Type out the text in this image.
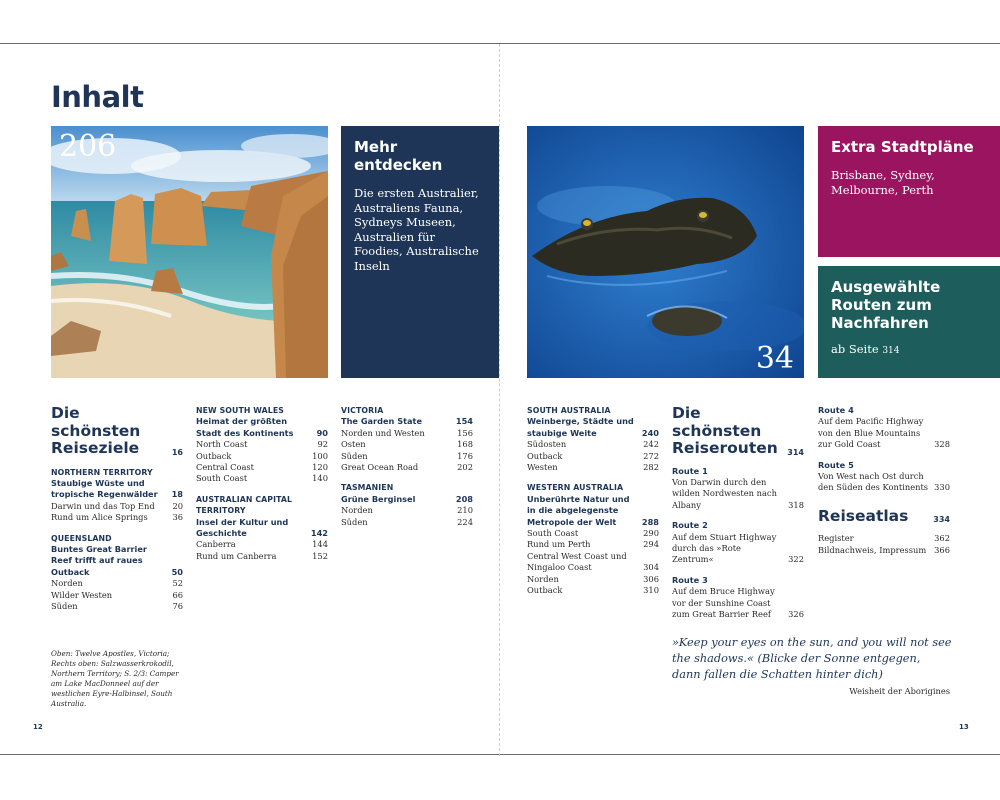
Inhalt
206	Mehr entdecken

Die ersten Australier, Australiens Fauna, Sydneys Museen, Australien für Foodies, Australische Inseln

34
Extra Stadtpläne

Brisbane, Sydney, Melbourne, Perth

Ausgewählte Routen zum Nachfahren

ab Seite 314

Die schönsten Reiseziele	16
NORTHERN TERRITORY
Staubige Wüste und tropische Regenwälder	18
Darwin und das Top End	20
Rund um Alice Springs	36
QUEENSLAND
Buntes Great Barrier Reef trifft auf raues Outback	50
Norden	52
Wilder Westen	66
Süden	76
NEW SOUTH WALES
Heimat der größten Stadt des Kontinents	90
North Coast	92
Outback	100
Central Coast	120
South Coast	140
AUSTRALIAN CAPITAL TERRITORY
Insel der Kultur und Geschichte	142
Canberra	144
Rund um Canberra	152
VICTORIA
The Garden State	154
Norden und Westen	156
Osten	168
Süden	176
Great Ocean Road	202
TASMANIEN
Grüne Berginsel	208
Norden	210
Süden	224
SOUTH AUSTRALIA
Weinberge, Städte und staubige Weite	240
Südosten	242
Outback	272
Westen	282
WESTERN AUSTRALIA
Unberührte Natur und in die abgelegenste Metropole der Welt	288
South Coast	290
Rund um Perth	294
Central West Coast und Ningaloo Coast	304
Norden	306
Outback	310
Die schönsten Reiserouten	314
Route 1
Von Darwin durch den wilden Nordwesten nach Albany	318
Route 2
Auf dem Stuart Highway durch das »Rote Zentrum«	322
Route 3
Auf dem Bruce Highway vor der Sunshine Coast zum Great Barrier Reef	326
Route 4
Auf dem Pacific Highway von den Blue Mountains zur Gold Coast	328
Route 5
Von West nach Ost durch den Süden des Kontinents 330
Reiseatlas	334
Register	362
Bildnachweis, Impressum 366
Oben: Twelve Apostles, Victoria; Rechts oben: Salzwasserkrokodil, Northern Territory; S. 2/3: Camper am Lake MacDonneel auf der westlichen Eyre-Halbinsel, South Australia.
»Keep your eyes on the sun, and you will not see the shadows.« (Blicke der Sonne entgegen, dann fallen die Schatten hinter dich)
Weisheit der Aborigines
12	13
